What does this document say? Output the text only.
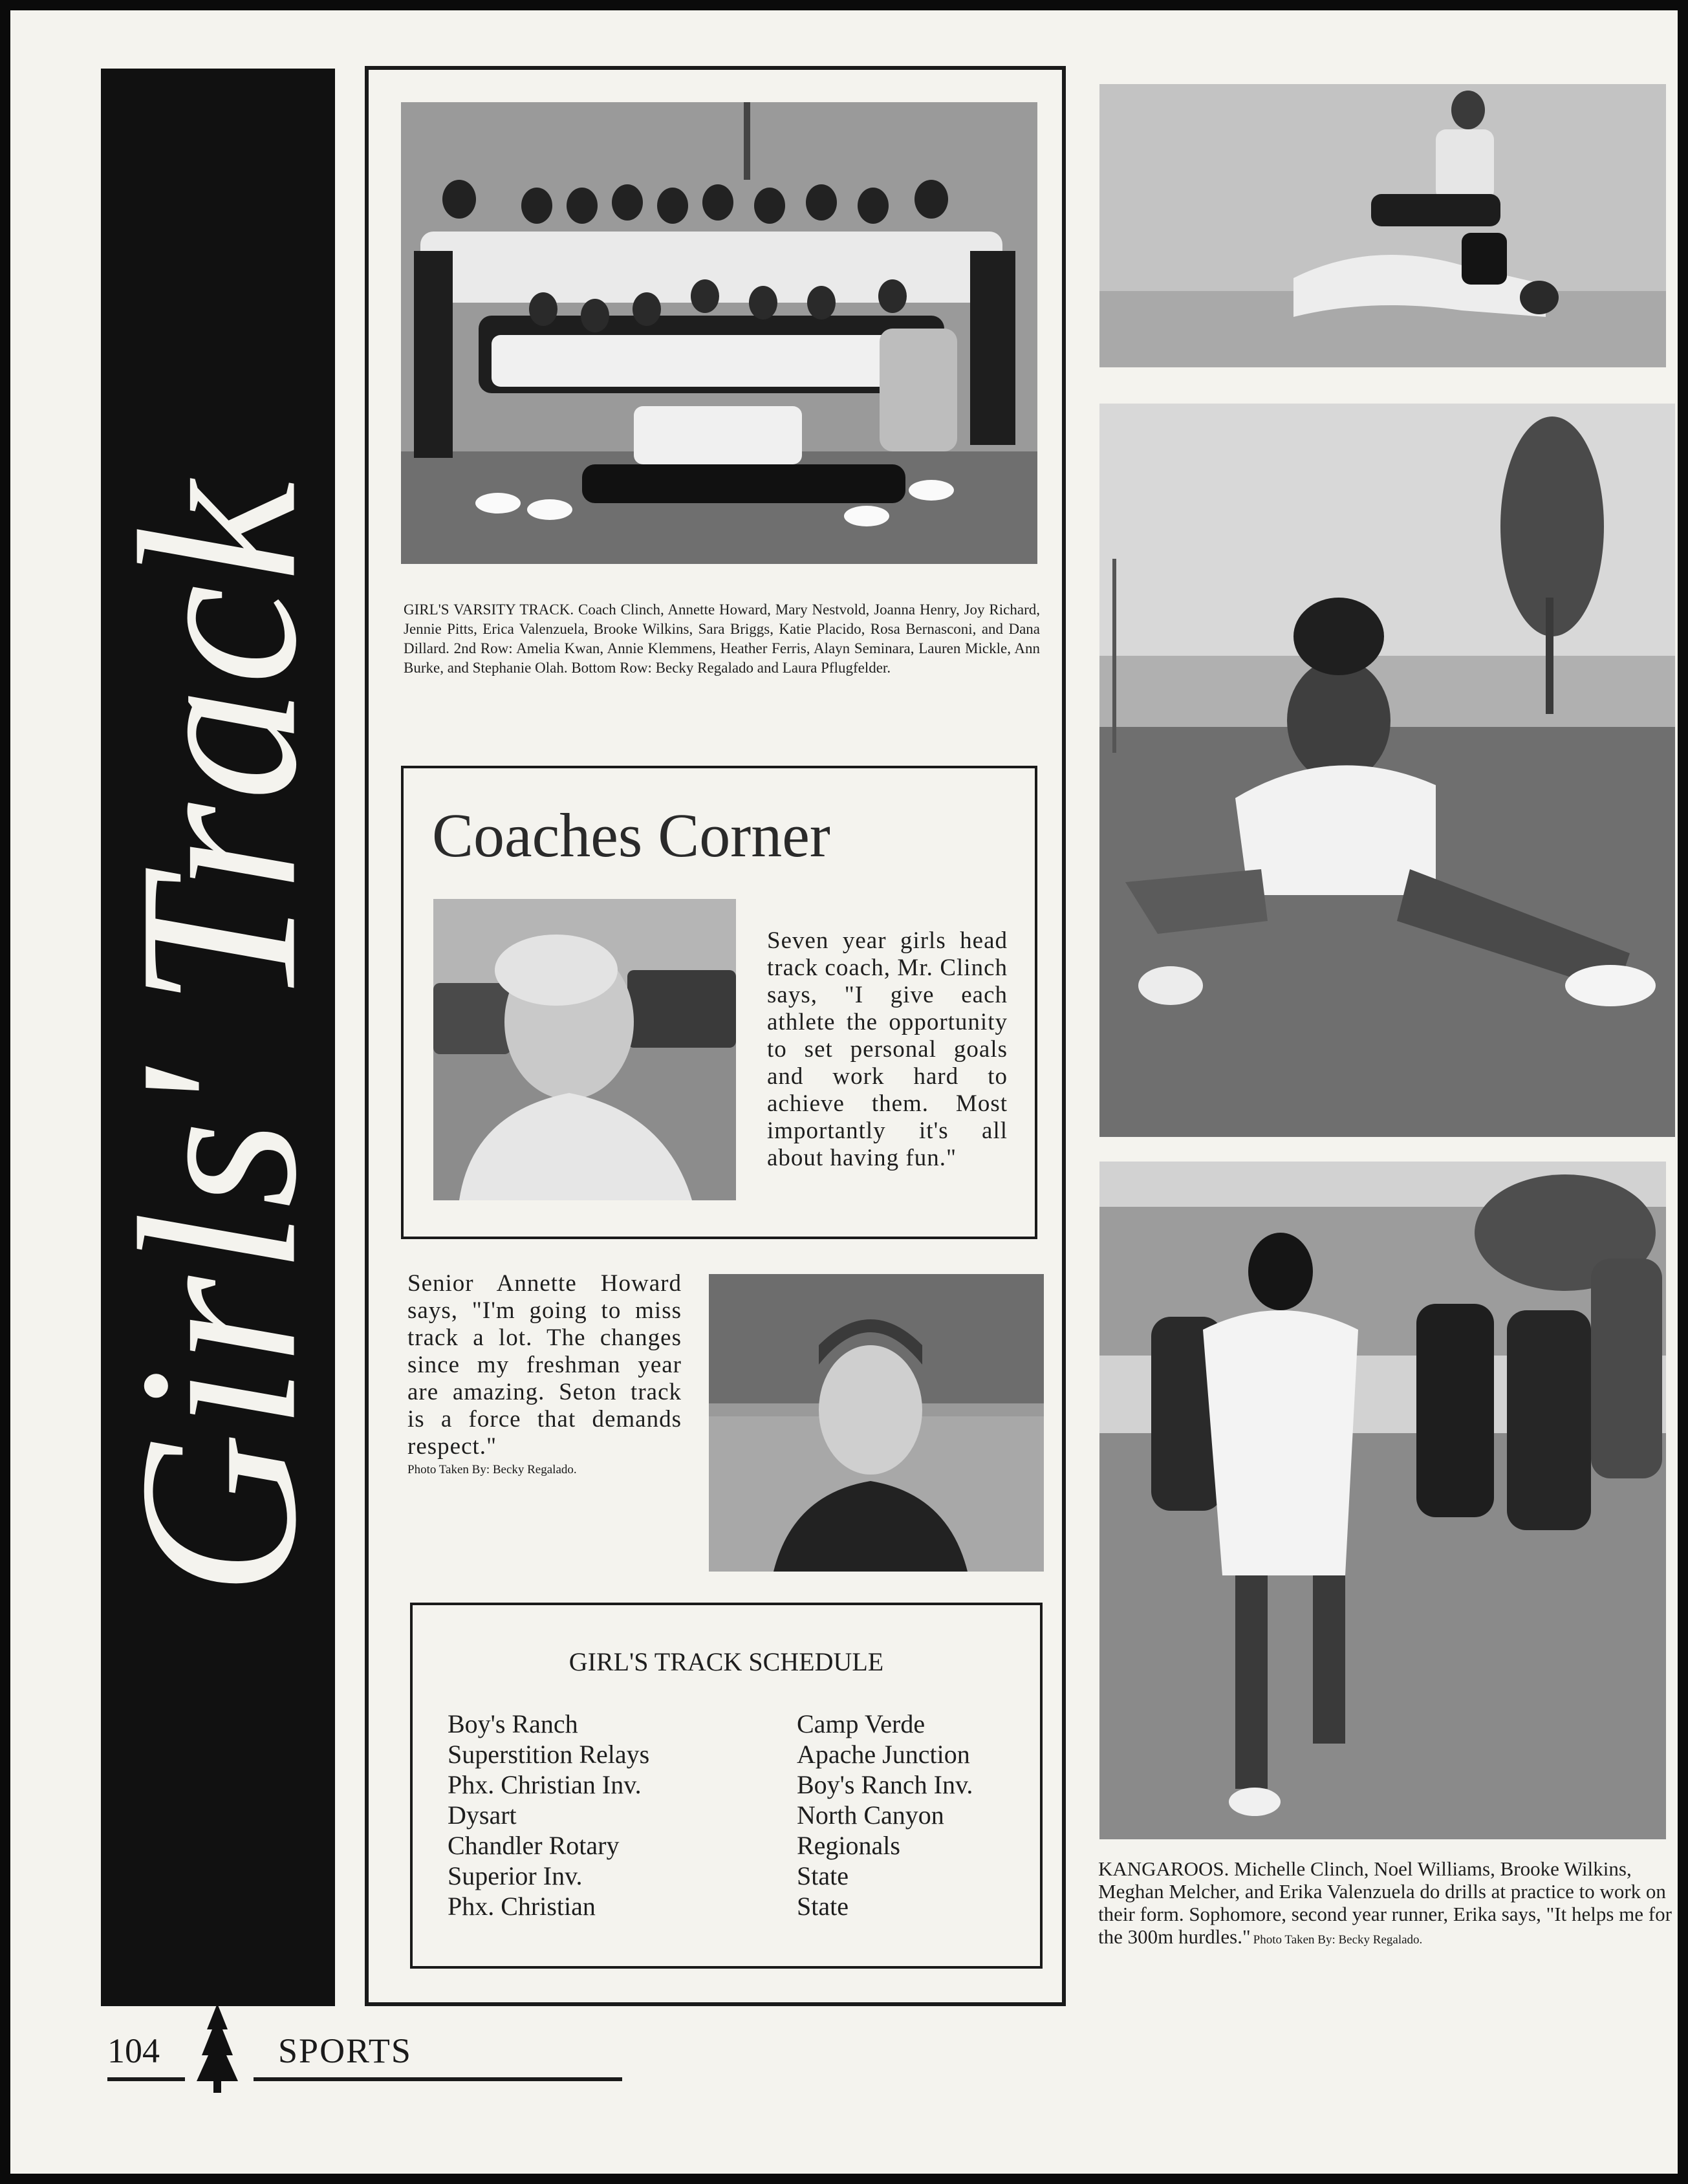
Girls' Track	GIRL'S VARSITY TRACK. Coach Clinch, Annette Howard, Mary Nestvold, Joanna Henry, Joy Richard, Jennie Pitts, Erica Valenzuela, Brooke Wilkins, Sara Briggs, Katie Placido, Rosa Bernasconi, and Dana Dillard. 2nd Row: Amelia Kwan, Annie Klemmens, Heather Ferris, Alayn Seminara, Lauren Mickle, Ann Burke, and Stephanie Olah. Bottom Row: Becky Regalado and Laura Pflugfelder.
Coaches Corner
Seven year girls head track coach, Mr. Clinch says, "I give each athlete the opportunity to set personal goals and work hard to achieve them. Most importantly it's all about having fun."
Senior Annette Howard says, "I'm going to miss track a lot. The changes since my freshman year are amazing. Seton track is a force that demands respect."
Photo Taken By: Becky Regalado.
GIRL'S TRACK SCHEDULE
Boy's Ranch
Superstition Relays
Phx. Christian Inv.
Dysart
Chandler Rotary
Superior Inv.
Phx. Christian
Camp Verde
Apache Junction
Boy's Ranch Inv.
North Canyon
Regionals
State
State
KANGAROOS. Michelle Clinch, Noel Williams, Brooke Wilkins, Meghan Melcher, and Erika Valenzuela do drills at practice to work on their form. Sophomore, second year runner, Erika says, "It helps me for the 300m hurdles." Photo Taken By: Becky Regalado.
104	SPORTS
